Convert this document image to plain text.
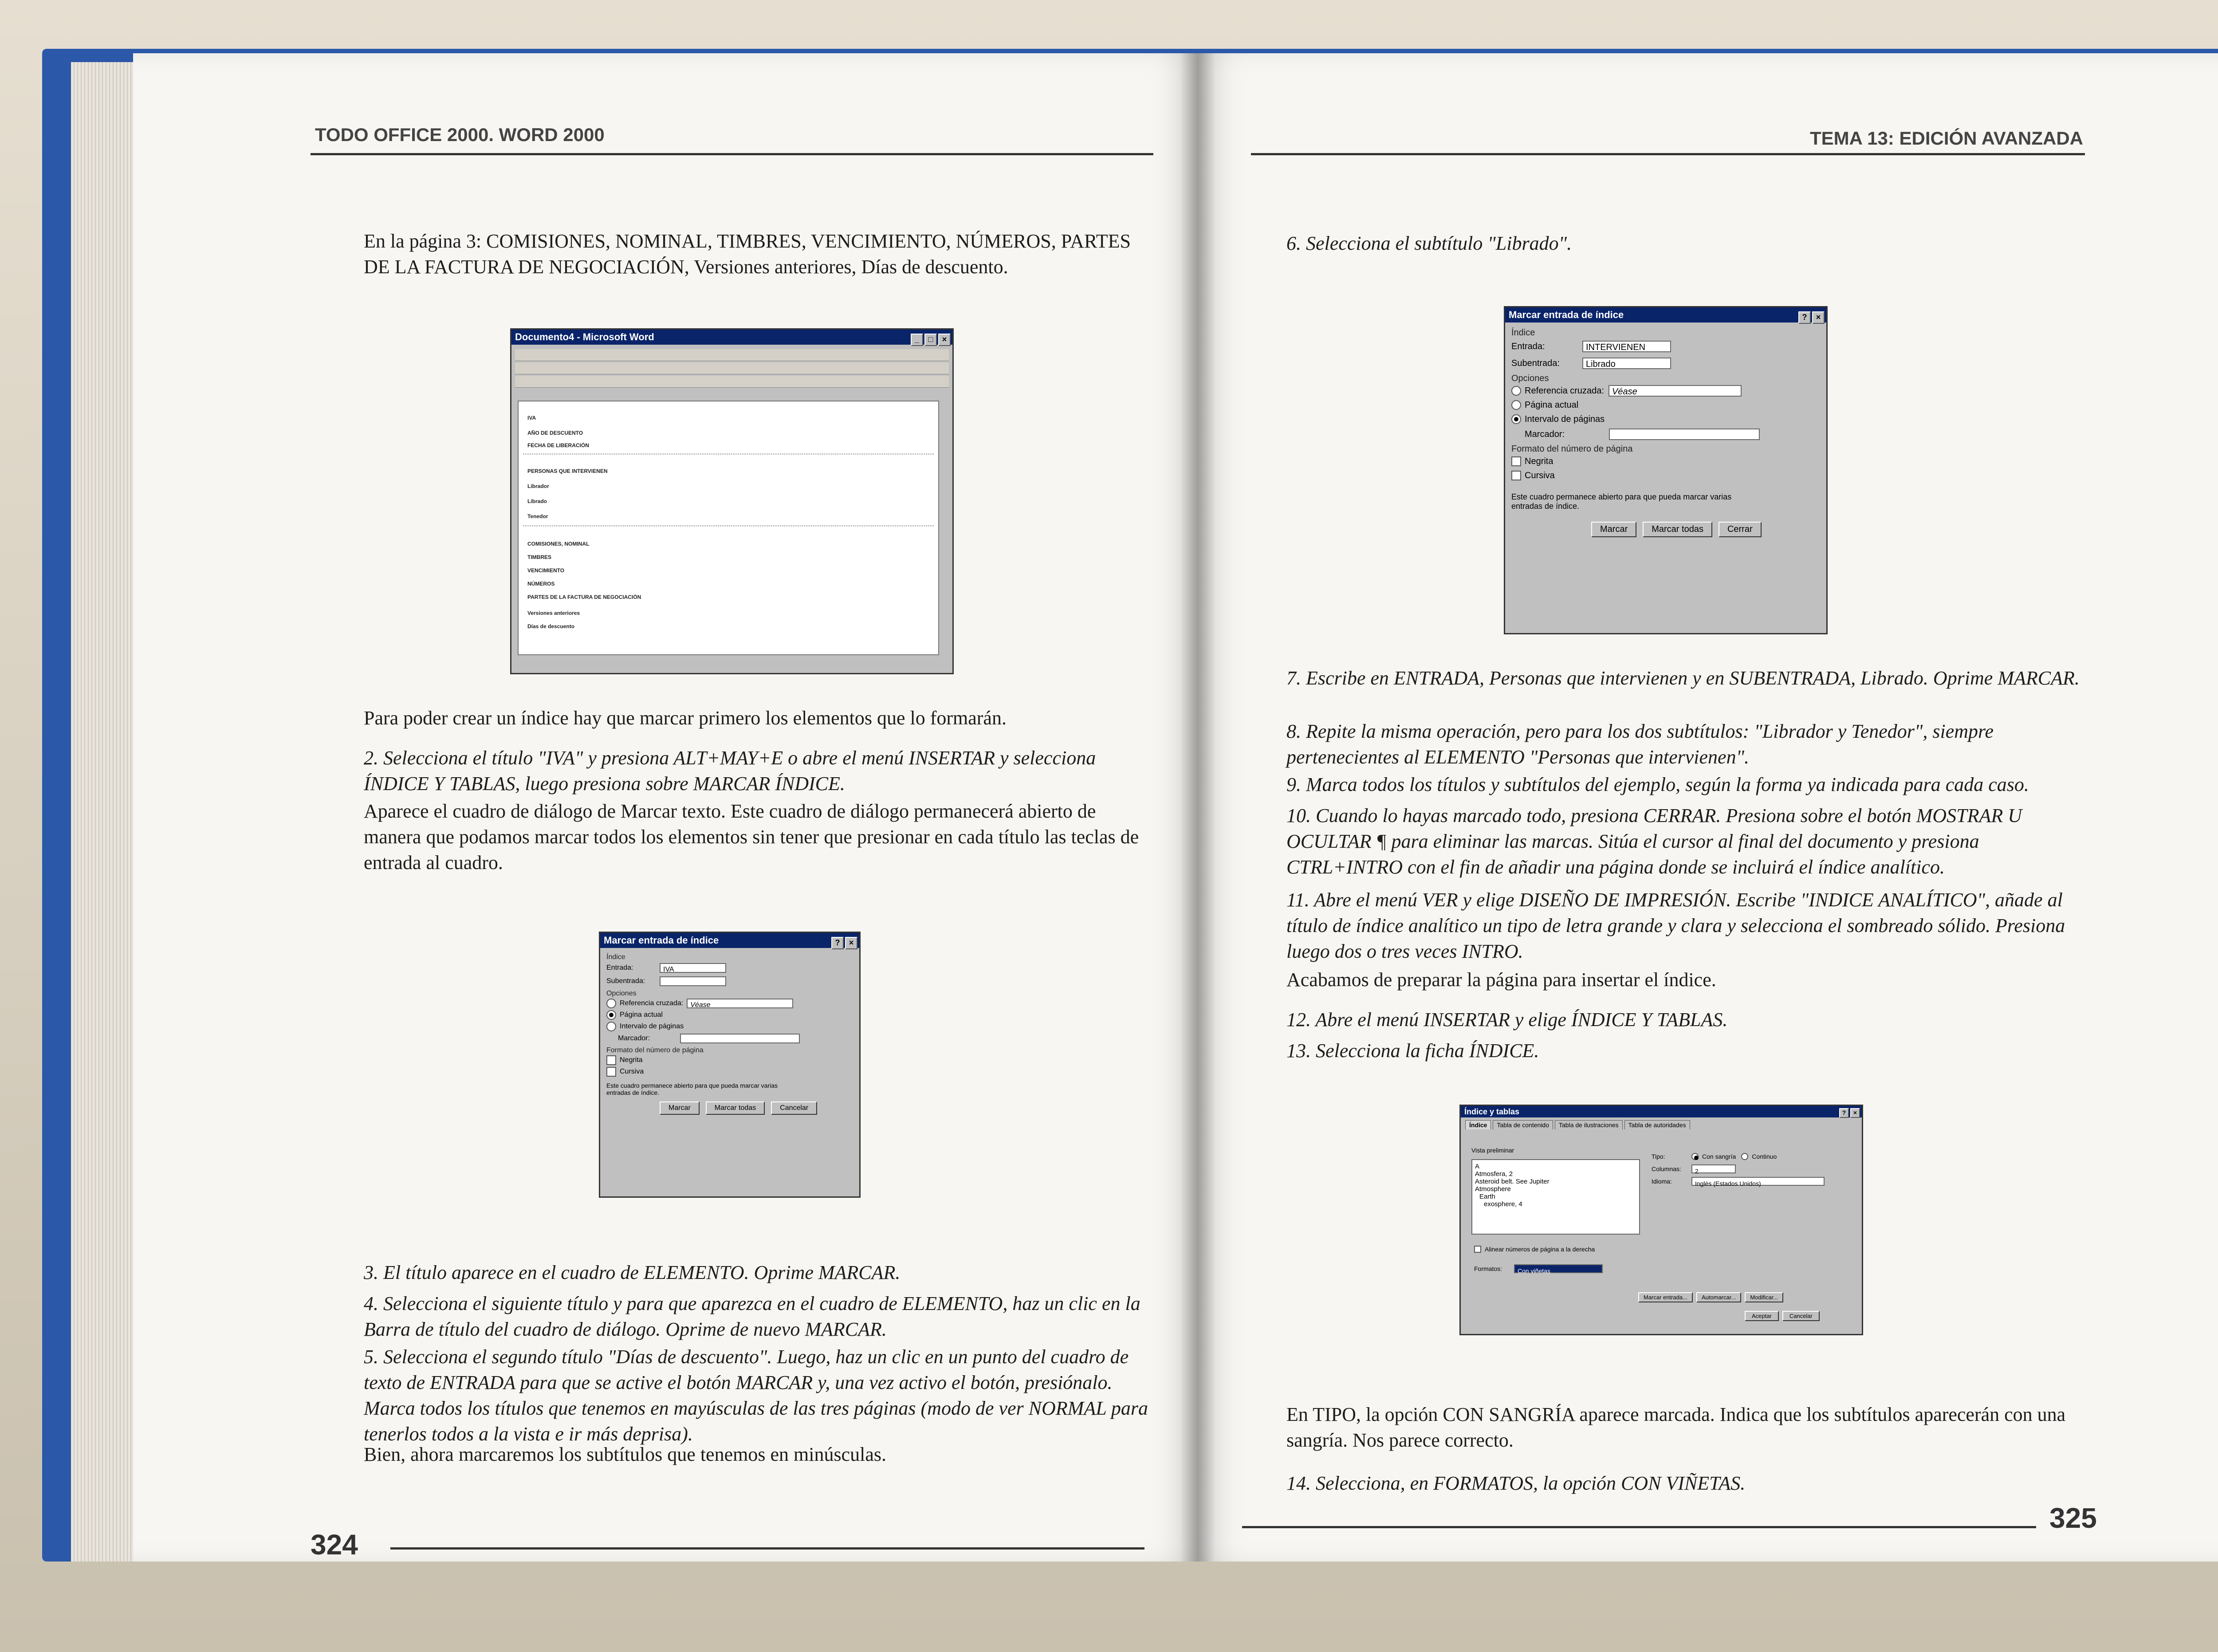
TODO OFFICE 2000. WORD 2000
En la página 3: COMISIONES, NOMINAL, TIMBRES, VENCIMIENTO, NÚMEROS, PARTES DE LA FACTURA DE NEGOCIACIÓN, Versiones anteriores, Días de descuento.
Documento4 - Microsoft Word	_ □ ×
IVA
AÑO DE DESCUENTO
FECHA DE LIBERACIÓN
PERSONAS QUE INTERVIENEN
Librador
Librado
Tenedor
COMISIONES, NOMINAL
TIMBRES
VENCIMIENTO
NÚMEROS
PARTES DE LA FACTURA DE NEGOCIACIÓN
Versiones anteriores
Días de descuento
Para poder crear un índice hay que marcar primero los elementos que lo formarán.
2. Selecciona el título "IVA" y presiona ALT+MAY+E o abre el menú INSERTAR y selecciona ÍNDICE Y TABLAS, luego presiona sobre MARCAR ÍNDICE.
Aparece el cuadro de diálogo de Marcar texto. Este cuadro de diálogo permanecerá abierto de manera que podamos marcar todos los elementos sin tener que presionar en cada título las teclas de entrada al cuadro.
Marcar entrada de índice	? ×
Índice
Entrada:	IVA
Subentrada:
Opciones
Referencia cruzada:	Véase
Página actual
Intervalo de páginas
Marcador:
Formato del número de página
Negrita
Cursiva
Este cuadro permanece abierto para que pueda marcar varias entradas de índice.
Marcar	Marcar todas	Cancelar
3. El título aparece en el cuadro de ELEMENTO. Oprime MARCAR.
4. Selecciona el siguiente título y para que aparezca en el cuadro de ELEMENTO, haz un clic en la Barra de título del cuadro de diálogo. Oprime de nuevo MARCAR.
5. Selecciona el segundo título "Días de descuento". Luego, haz un clic en un punto del cuadro de texto de ENTRADA para que se active el botón MARCAR y, una vez activo el botón, presiónalo. Marca todos los títulos que tenemos en mayúsculas de las tres páginas (modo de ver NORMAL para tenerlos todos a la vista e ir más deprisa).
Bien, ahora marcaremos los subtítulos que tenemos en minúsculas.
324
TEMA 13: EDICIÓN AVANZADA
6. Selecciona el subtítulo "Librado".
Marcar entrada de índice	? ×
Índice
Entrada:	INTERVIENEN
Subentrada:	Librado
Opciones
Referencia cruzada: Véase
Página actual
Intervalo de páginas
Marcador:
Formato del número de página
Negrita
Cursiva
Este cuadro permanece abierto para que pueda marcar varias entradas de índice.
Marcar	Marcar todas	Cerrar
7. Escribe en ENTRADA, Personas que intervienen y en SUBENTRADA, Librado. Oprime MARCAR.
8. Repite la misma operación, pero para los dos subtítulos: "Librador y Tenedor", siempre pertenecientes al ELEMENTO "Personas que intervienen".
9. Marca todos los títulos y subtítulos del ejemplo, según la forma ya indicada para cada caso.
10. Cuando lo hayas marcado todo, presiona CERRAR. Presiona sobre el botón MOSTRAR U OCULTAR ¶ para eliminar las marcas. Sitúa el cursor al final del documento y presiona CTRL+INTRO con el fin de añadir una página donde se incluirá el índice analítico.
11. Abre el menú VER y elige DISEÑO DE IMPRESIÓN. Escribe "INDICE ANALÍTICO", añade al título de índice analítico un tipo de letra grande y clara y selecciona el sombreado sólido. Presiona luego dos o tres veces INTRO.
Acabamos de preparar la página para insertar el índice.
12. Abre el menú INSERTAR y elige ÍNDICE Y TABLAS.
13. Selecciona la ficha ÍNDICE.
Índice y tablas	? ×
Índice	Tabla de contenido	Tabla de ilustraciones	Tabla de autoridades
Vista preliminar
A
Atmosfera, 2
Asteroid belt. See Jupiter
Atmosphere
Earth
exosphere, 4
Tipo:	Con sangría	Continuo
Columnas:	2
Idioma:	Inglés (Estados Unidos)
Alinear números de página a la derecha
Formatos:	Con viñetas
Marcar entrada... Automarcar... Modificar...
Aceptar	Cancelar
En TIPO, la opción CON SANGRÍA aparece marcada. Indica que los subtítulos aparecerán con una sangría. Nos parece correcto.
14. Selecciona, en FORMATOS, la opción CON VIÑETAS.
325
